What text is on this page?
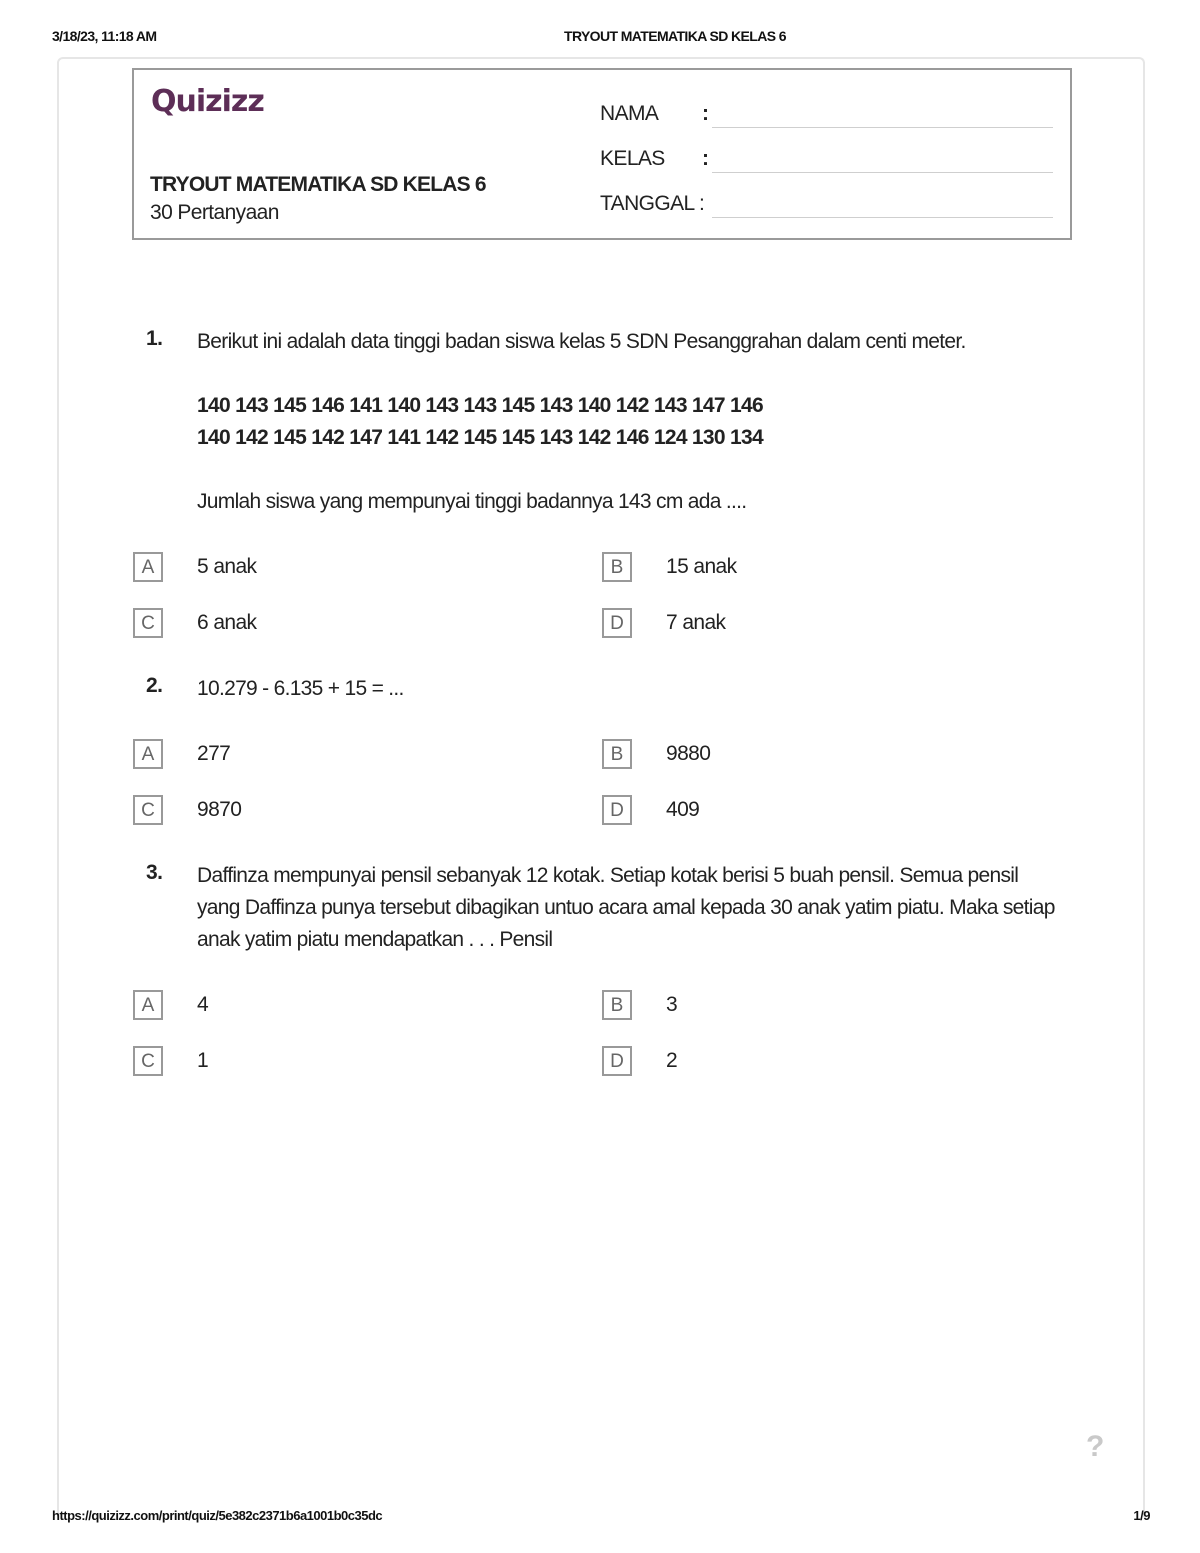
3/18/23, 11:18 AM	TRYOUT MATEMATIKA SD KELAS 6
Quizizz
TRYOUT MATEMATIKA SD KELAS 6
30 Pertanyaan
NAMA :
KELAS :
TANGGAL :
1. Berikut ini adalah data tinggi badan siswa kelas 5 SDN Pesanggrahan dalam centi meter.
140 143 145 146 141 140 143 143 145 143 140 142 143 147 146
140 142 145 142 147 141 142 145 145 143 142 146 124 130 134
Jumlah siswa yang mempunyai tinggi badannya 143 cm ada ....
A	5 anak	B	15 anak
C	6 anak	D	7 anak
2. 10.279 - 6.135 + 15 = ...
A	277	B	9880
C	9870	D	409
3. Daffinza mempunyai pensil sebanyak 12 kotak. Setiap kotak berisi 5 buah pensil. Semua pensil yang Daffinza punya tersebut dibagikan untuo acara amal kepada 30 anak yatim piatu. Maka setiap anak yatim piatu mendapatkan . . . Pensil
A	4	B	3
C	1	D	2
?
https://quizizz.com/print/quiz/5e382c2371b6a1001b0c35dc	1/9
